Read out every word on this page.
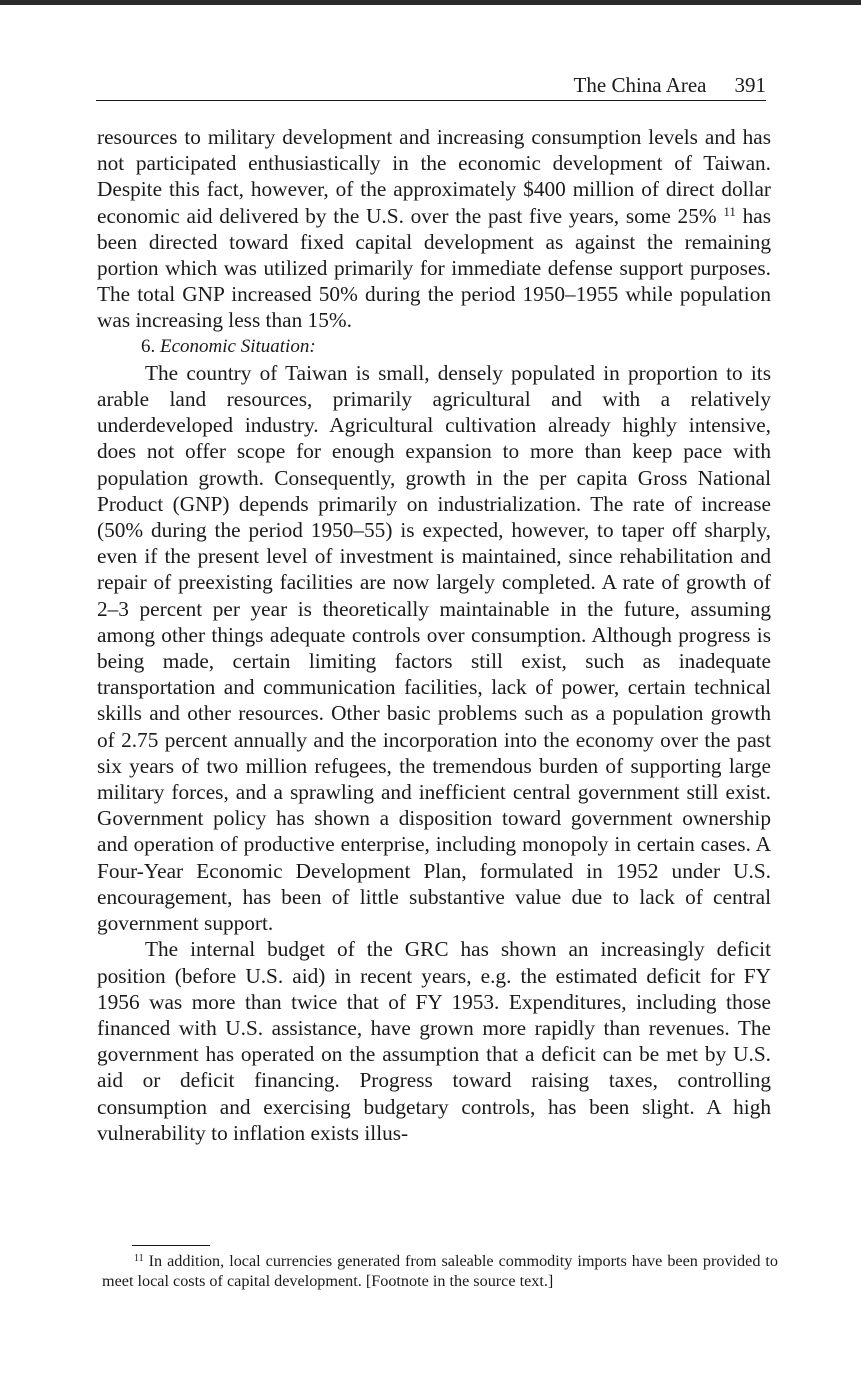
The China Area 391

resources to military development and increasing consumption levels and has not participated enthusiastically in the economic development of Taiwan. Despite this fact, however, of the approximately $400 million of direct dollar economic aid delivered by the U.S. over the past five years, some 25% $^{11}$ has been directed toward fixed capital development as against the remaining portion which was utilized primarily for immediate defense support purposes. The total GNP increased 50% during the period 1950–1955 while population was increasing less than 15%.

6. Economic Situation:

The country of Taiwan is small, densely populated in proportion to its arable land resources, primarily agricultural and with a relatively underdeveloped industry. Agricultural cultivation already highly intensive, does not offer scope for enough expansion to more than keep pace with population growth. Consequently, growth in the per capita Gross National Product (GNP) depends primarily on industrialization. The rate of increase (50% during the period 1950–55) is expected, however, to taper off sharply, even if the present level of investment is maintained, since rehabilitation and repair of preexisting facilities are now largely completed. A rate of growth of 2–3 percent per year is theoretically maintainable in the future, assuming among other things adequate controls over consumption. Although progress is being made, certain limiting factors still exist, such as inadequate transportation and communication facilities, lack of power, certain technical skills and other resources. Other basic problems such as a population growth of 2.75 percent annually and the incorporation into the economy over the past six years of two million refugees, the tremendous burden of supporting large military forces, and a sprawling and inefficient central government still exist. Government policy has shown a disposition toward government ownership and operation of productive enterprise, including monopoly in certain cases. A Four-Year Economic Development Plan, formulated in 1952 under U.S. encouragement, has been of little substantive value due to lack of central government support.

The internal budget of the GRC has shown an increasingly deficit position (before U.S. aid) in recent years, e.g. the estimated deficit for FY 1956 was more than twice that of FY 1953. Expenditures, including those financed with U.S. assistance, have grown more rapidly than revenues. The government has operated on the assumption that a deficit can be met by U.S. aid or deficit financing. Progress toward raising taxes, controlling consumption and exercising budgetary controls, has been slight. A high vulnerability to inflation exists illus-

$^{11}$ In addition, local currencies generated from saleable commodity imports have been provided to meet local costs of capital development. [Footnote in the source text.]
